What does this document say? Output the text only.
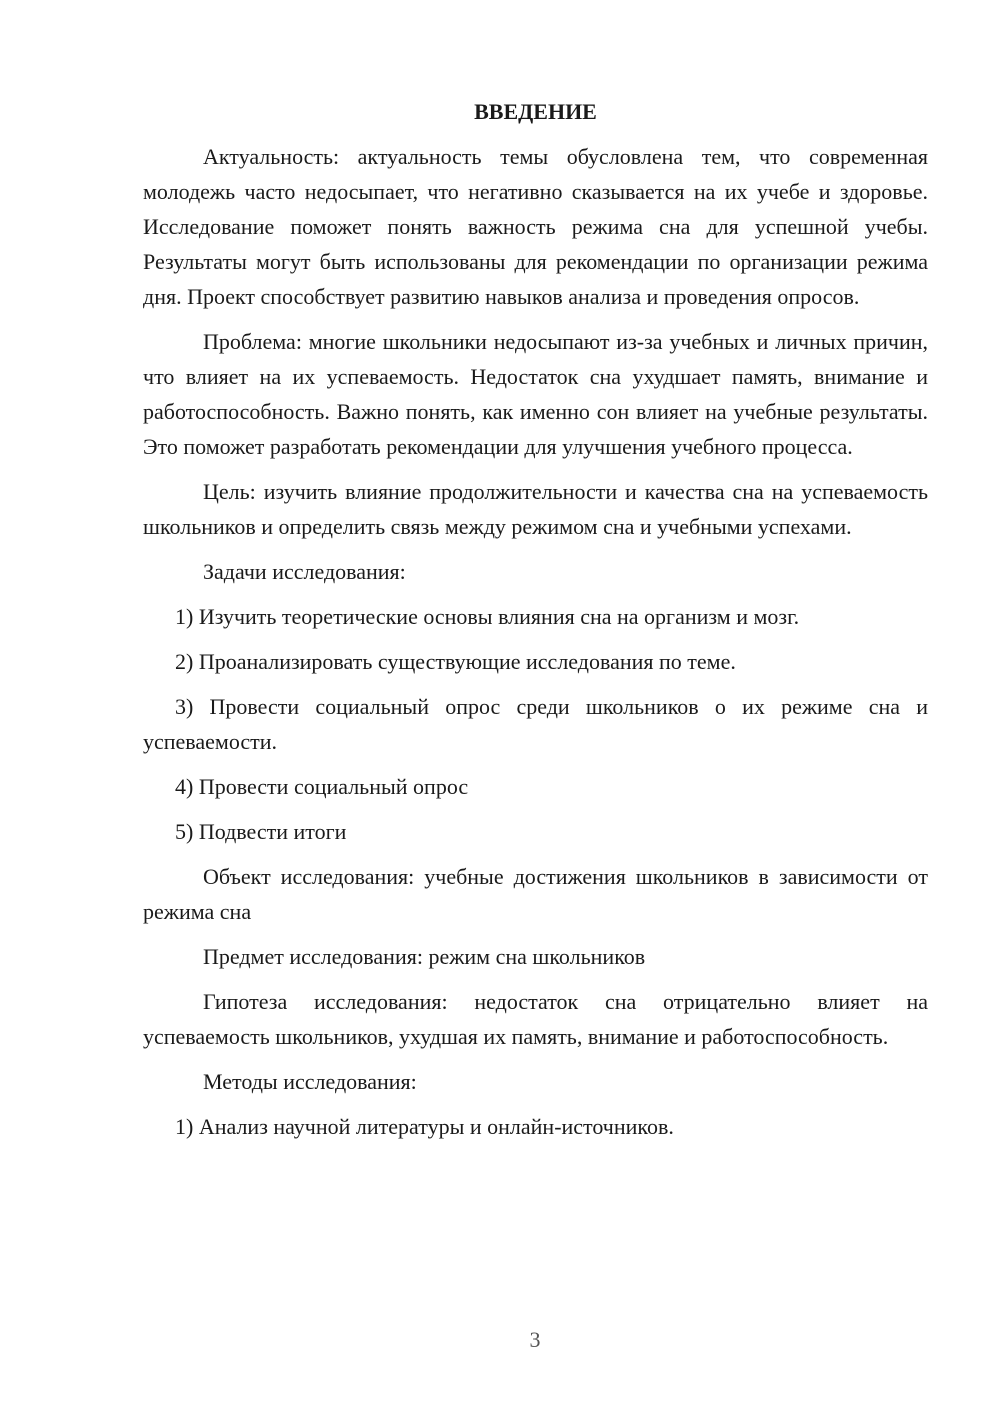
ВВЕДЕНИЕ

Актуальность: актуальность темы обусловлена тем, что современная молодежь часто недосыпает, что негативно сказывается на их учебе и здоровье. Исследование поможет понять важность режима сна для успешной учебы. Результаты могут быть использованы для рекомендации по организации режима дня. Проект способствует развитию навыков анализа и проведения опросов.

Проблема: многие школьники недосыпают из-за учебных и личных причин, что влияет на их успеваемость. Недостаток сна ухудшает память, внимание и работоспособность. Важно понять, как именно сон влияет на учебные результаты. Это поможет разработать рекомендации для улучшения учебного процесса.

Цель: изучить влияние продолжительности и качества сна на успеваемость школьников и определить связь между режимом сна и учебными успехами.

Задачи исследования:

1) Изучить теоретические основы влияния сна на организм и мозг.

2) Проанализировать существующие исследования по теме.

3) Провести социальный опрос среди школьников о их режиме сна и успеваемости.

4) Провести социальный опрос

5) Подвести итоги

Объект исследования: учебные достижения школьников в зависимости от режима сна

Предмет исследования: режим сна школьников

Гипотеза исследования: недостаток сна отрицательно влияет на успеваемость школьников, ухудшая их память, внимание и работоспособность.

Методы исследования:

1) Анализ научной литературы и онлайн-источников.

3
